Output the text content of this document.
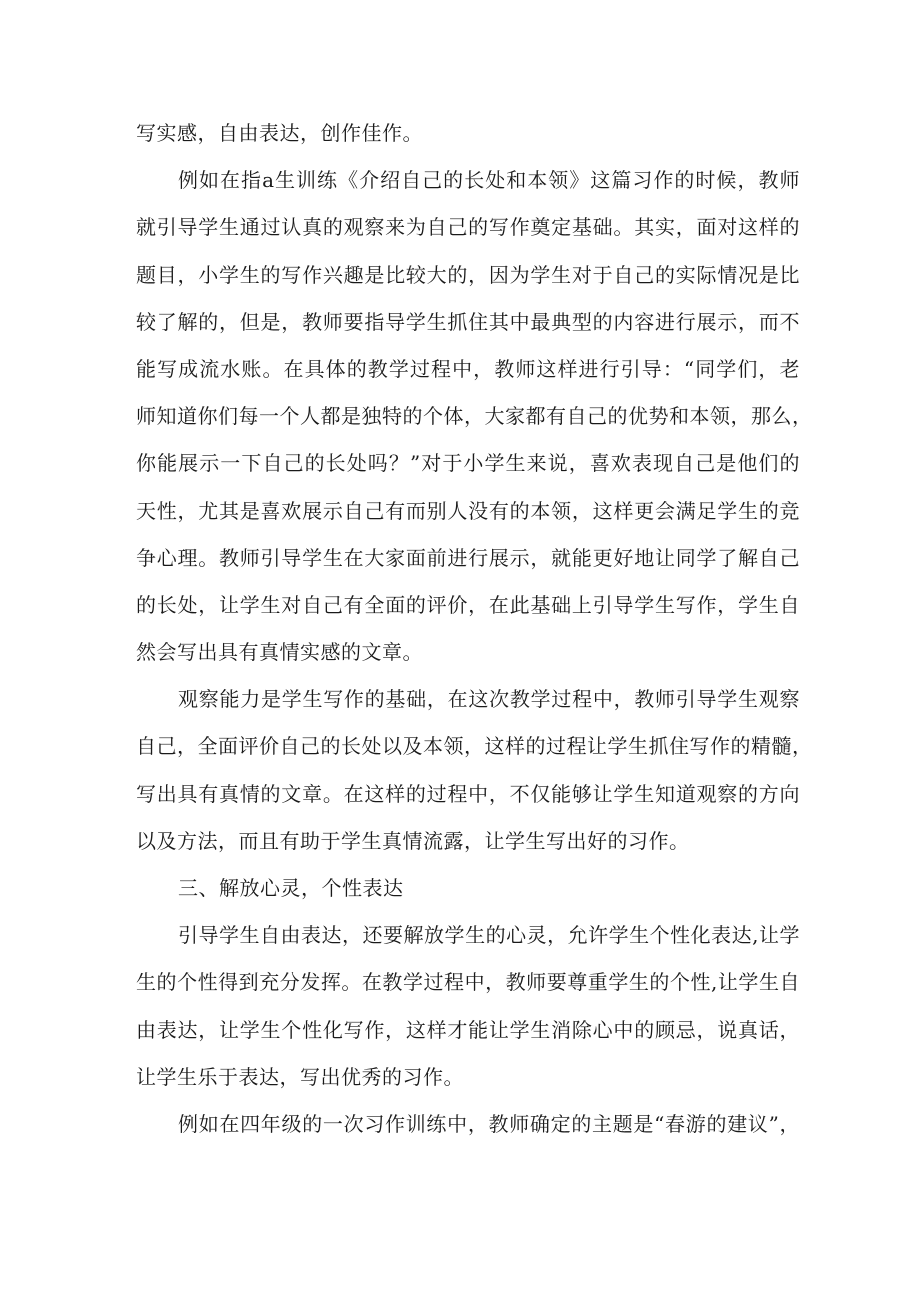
写实感，自由表达，创作佳作。
例如在指a生训练《介绍自己的长处和本领》这篇习作的时候，教师
就引导学生通过认真的观察来为自己的写作奠定基础。其实，面对这样的
题目，小学生的写作兴趣是比较大的，因为学生对于自己的实际情况是比
较了解的，但是，教师要指导学生抓住其中最典型的内容进行展示，而不
能写成流水账。在具体的教学过程中，教师这样进行引导：“同学们，老
师知道你们每一个人都是独特的个体，大家都有自己的优势和本领，那么，
你能展示一下自己的长处吗？”对于小学生来说，喜欢表现自己是他们的
天性，尤其是喜欢展示自己有而别人没有的本领，这样更会满足学生的竞
争心理。教师引导学生在大家面前进行展示，就能更好地让同学了解自己
的长处，让学生对自己有全面的评价，在此基础上引导学生写作，学生自
然会写出具有真情实感的文章。
观察能力是学生写作的基础，在这次教学过程中，教师引导学生观察
自己，全面评价自己的长处以及本领，这样的过程让学生抓住写作的精髓，
写出具有真情的文章。在这样的过程中，不仅能够让学生知道观察的方向
以及方法，而且有助于学生真情流露，让学生写出好的习作。
三、解放心灵，个性表达
引导学生自由表达，还要解放学生的心灵，允许学生个性化表达,让学
生的个性得到充分发挥。在教学过程中，教师要尊重学生的个性,让学生自
由表达，让学生个性化写作，这样才能让学生消除心中的顾忌，说真话，
让学生乐于表达，写出优秀的习作。
例如在四年级的一次习作训练中，教师确定的主题是“春游的建议”，
